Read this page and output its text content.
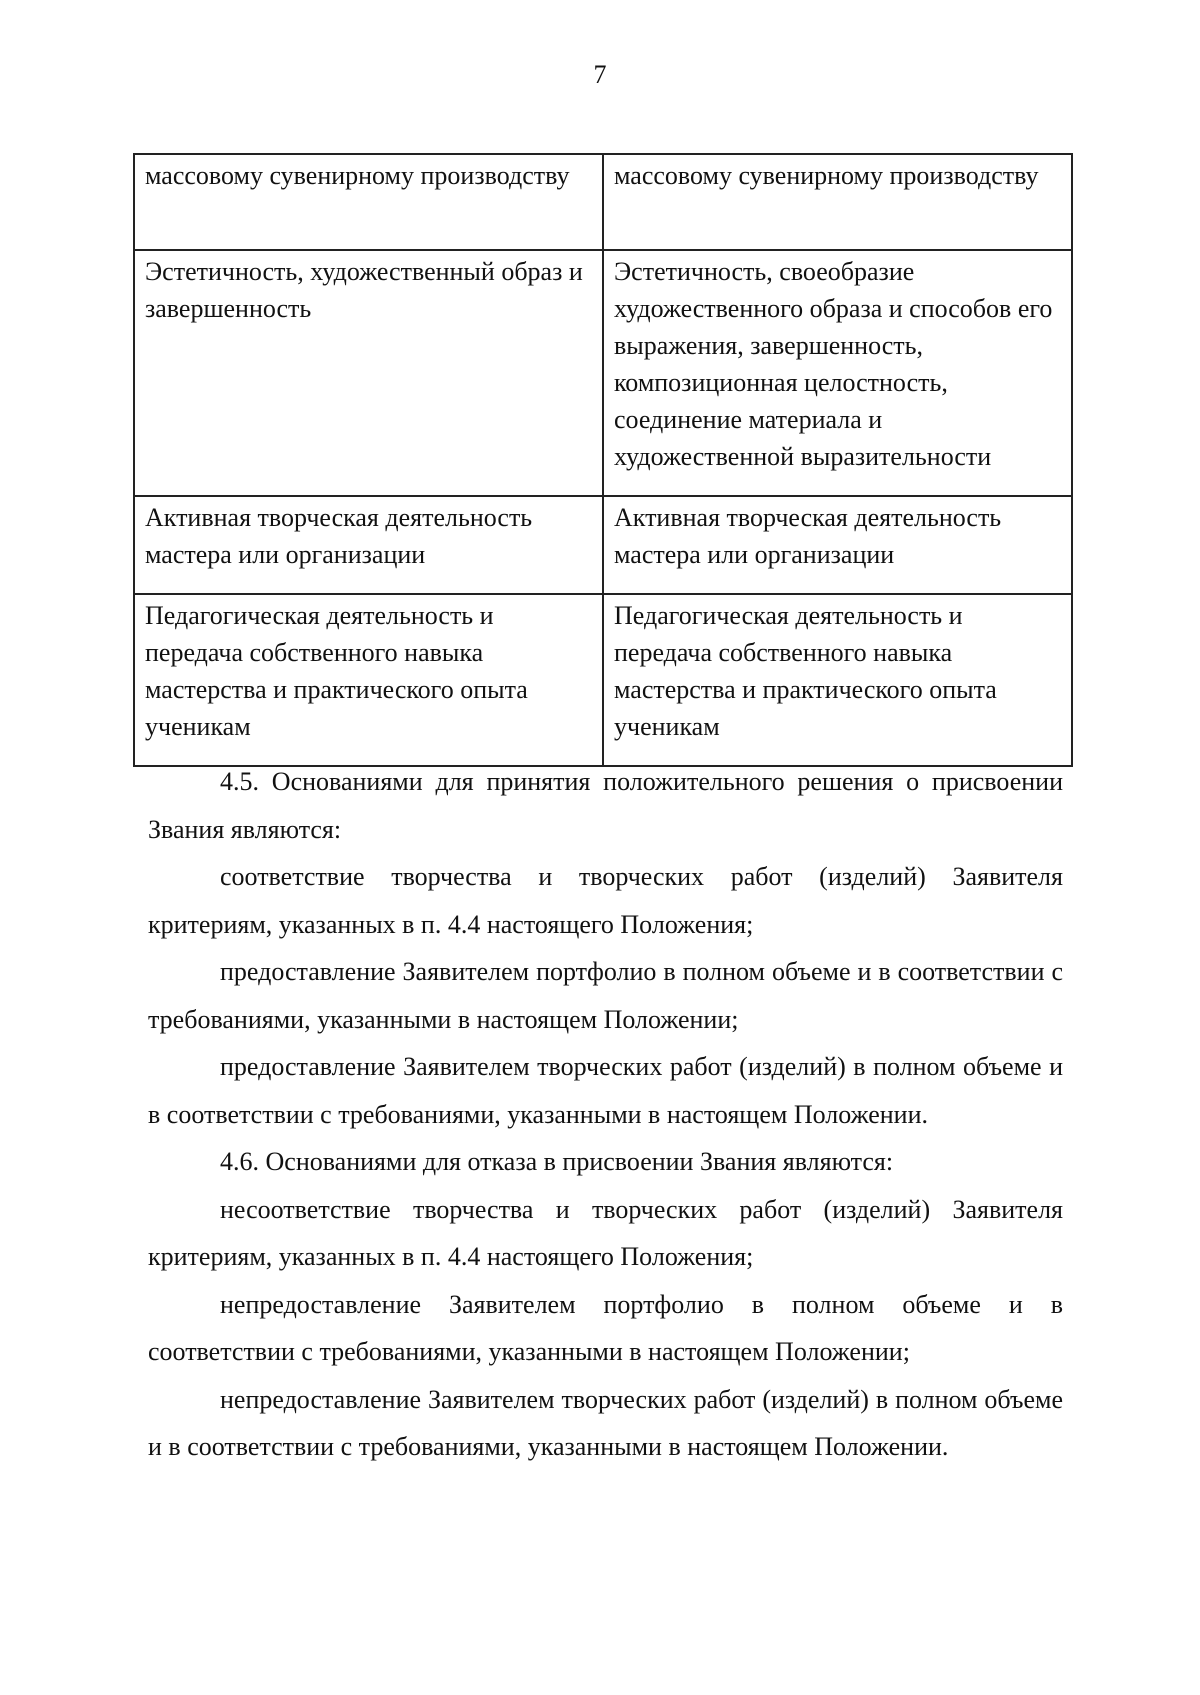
7
массовому сувенирному производству	массовому сувенирному производству
Эстетичность, художественный образ и завершенность	Эстетичность, своеобразие художественного образа и способов его выражения, завершенность, композиционная целостность, соединение материала и художественной выразительности
Активная творческая деятельность мастера или организации	Активная творческая деятельность мастера или организации
Педагогическая деятельность и передача собственного навыка мастерства и практического опыта ученикам	Педагогическая деятельность и передача собственного навыка мастерства и практического опыта ученикам

4.5. Основаниями для принятия положительного решения о присвоении Звания являются:

соответствие творчества и творческих работ (изделий) Заявителя критериям, указанных в п. 4.4 настоящего Положения;

предоставление Заявителем портфолио в полном объеме и в соответствии с требованиями, указанными в настоящем Положении;

предоставление Заявителем творческих работ (изделий) в полном объеме и в соответствии с требованиями, указанными в настоящем Положении.

4.6. Основаниями для отказа в присвоении Звания являются:

несоответствие творчества и творческих работ (изделий) Заявителя критериям, указанных в п. 4.4 настоящего Положения;

непредоставление Заявителем портфолио в полном объеме и в соответствии с требованиями, указанными в настоящем Положении;

непредоставление Заявителем творческих работ (изделий) в полном объеме и в соответствии с требованиями, указанными в настоящем Положении.
